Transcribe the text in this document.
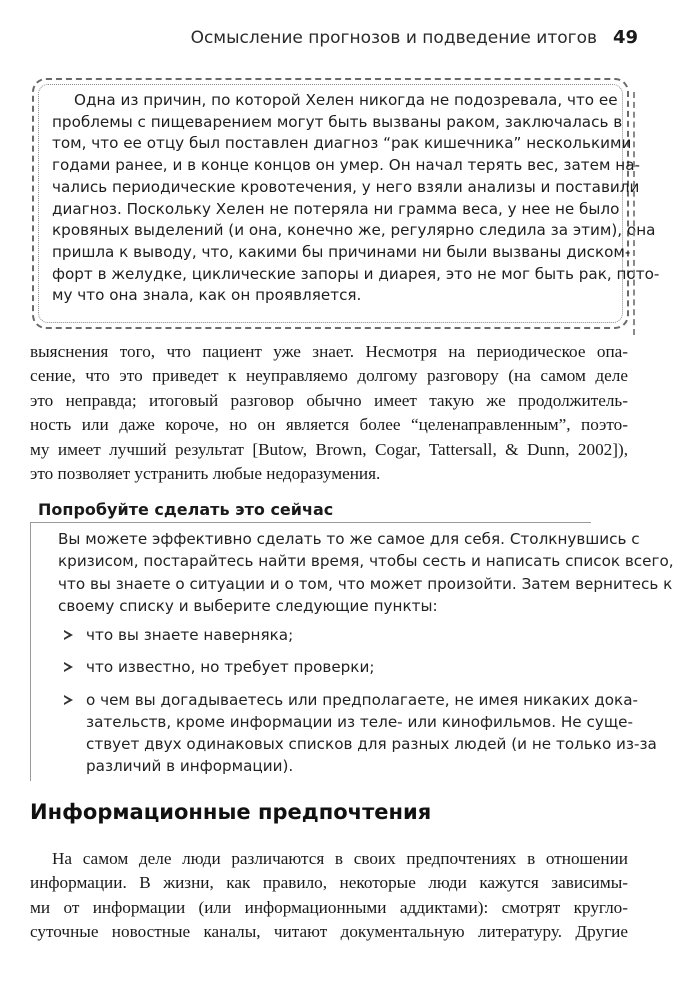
Осмысление прогнозов и подведение итогов 49
Одна из причин, по которой Хелен никогда не подозревала, что ее
проблемы с пищеварением могут быть вызваны раком, заключалась в
том, что ее отцу был поставлен диагноз “рак кишечника” несколькими
годами ранее, и в конце концов он умер. Он начал терять вес, затем на-
чались периодические кровотечения, у него взяли анализы и поставили
диагноз. Поскольку Хелен не потеряла ни грамма веса, у нее не было
кровяных выделений (и она, конечно же, регулярно следила за этим), она
пришла к выводу, что, какими бы причинами ни были вызваны диском-
форт в желудке, циклические запоры и диарея, это не мог быть рак, пото-
му что она знала, как он проявляется.
выяснения того, что пациент уже знает. Несмотря на периодическое опа-
сение, что это приведет к неуправляемо долгому разговору (на самом деле
это неправда; итоговый разговор обычно имеет такую же продолжитель-
ность или даже короче, но он является более “целенаправленным”, поэто-
му имеет лучший результат [Butow, Brown, Cogar, Tattersall, & Dunn, 2002]),
это позволяет устранить любые недоразумения.
Попробуйте сделать это сейчас
Вы можете эффективно сделать то же самое для себя. Столкнувшись с
кризисом, постарайтесь найти время, чтобы сесть и написать список всего,
что вы знаете о ситуации и о том, что может произойти. Затем вернитесь к
своему списку и выберите следующие пункты:
что вы знаете наверняка;
что известно, но требует проверки;
о чем вы догадываетесь или предполагаете, не имея никаких дока-
зательств, кроме информации из теле- или кинофильмов. Не суще-
ствует двух одинаковых списков для разных людей (и не только из-за
различий в информации).
Информационные предпочтения
На самом деле люди различаются в своих предпочтениях в отношении
информации. В жизни, как правило, некоторые люди кажутся зависимы-
ми от информации (или информационными аддиктами): смотрят кругло-
суточные новостные каналы, читают документальную литературу. Другие
